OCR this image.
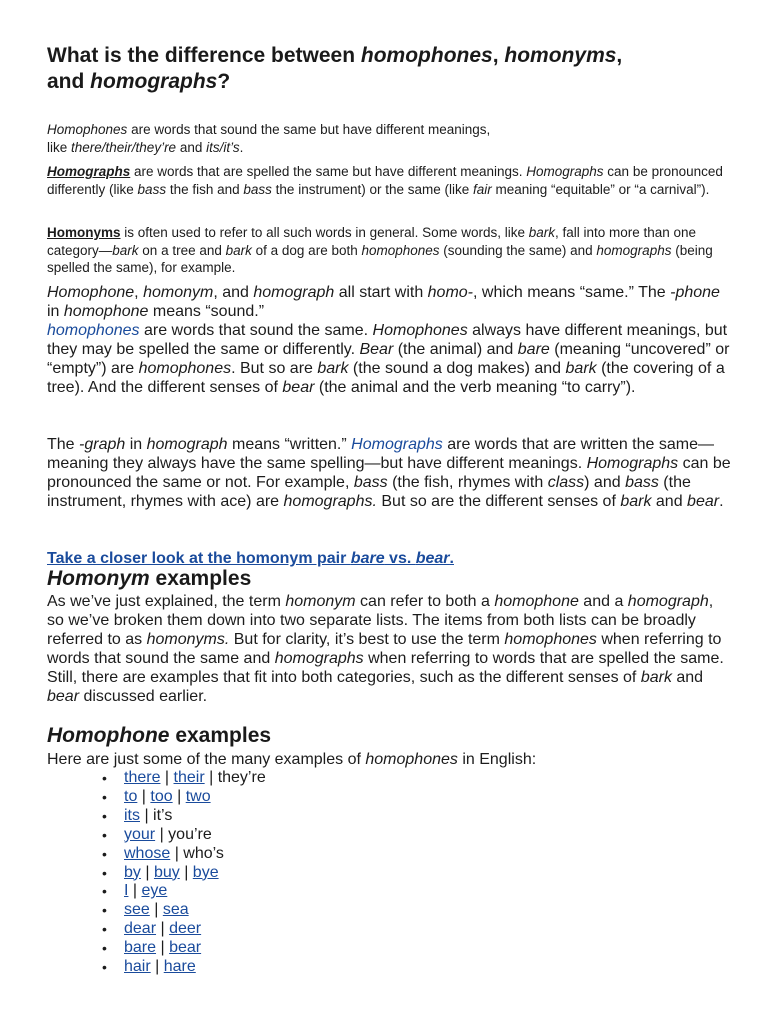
What is the difference between homophones, homonyms,
and homographs?

Homophones are words that sound the same but have different meanings,
like there/their/they’re and its/it’s.

Homographs are words that are spelled the same but have different meanings. Homographs can be pronounced differently (like bass the fish and bass the instrument) or the same (like fair meaning “equitable” or “a carnival”).

Homonyms is often used to refer to all such words in general. Some words, like bark, fall into more than one category—bark on a tree and bark of a dog are both homophones (sounding the same) and homographs (being spelled the same), for example.

Homophone, homonym, and homograph all start with homo-, which means “same.” The -phone in homophone means “sound.”
homophones are words that sound the same. Homophones always have different meanings, but they may be spelled the same or differently. Bear (the animal) and bare (meaning “uncovered” or “empty”) are homophones. But so are bark (the sound a dog makes) and bark (the covering of a tree). And the different senses of bear (the animal and the verb meaning “to carry”).

The -graph in homograph means “written.” Homographs are words that are written the same—meaning they always have the same spelling—but have different meanings. Homographs can be pronounced the same or not. For example, bass (the fish, rhymes with class) and bass (the instrument, rhymes with ace) are homographs. But so are the different senses of bark and bear.

Take a closer look at the homonym pair bare vs. bear.
Homonym examples

As we’ve just explained, the term homonym can refer to both a homophone and a homograph, so we’ve broken them down into two separate lists. The items from both lists can be broadly referred to as homonyms. But for clarity, it’s best to use the term homophones when referring to words that sound the same and homographs when referring to words that are spelled the same. Still, there are examples that fit into both categories, such as the different senses of bark and bear discussed earlier.

Homophone examples

Here are just some of the many examples of homophones in English:

• there | their | they’re
• to | too | two
• its | it’s
• your | you’re
• whose | who’s
• by | buy | bye
• I | eye
• see | sea
• dear | deer
• bare | bear
• hair | hare
